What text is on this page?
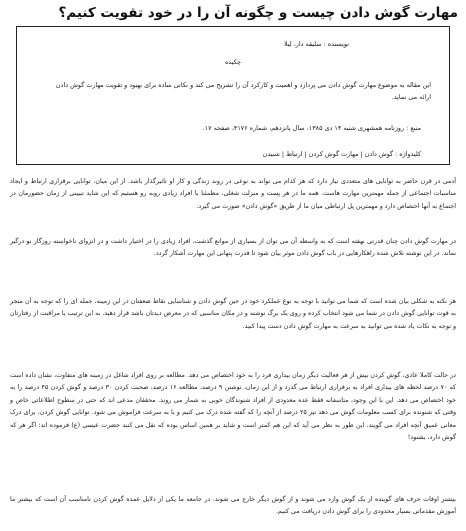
مهارت گوش دادن چیست و چگونه آن را در خود تقویت کنیم؟
نویسنده : سلیقه دار، لیلا
چکیده
این مقاله به موضوع مهارت گوش دادن می پردازد و اهمیت و کارکرد آن را تشریح می کند و نکاتی ساده برای بهبود و تقویت مهارت گوش دادن ارائه می نماید.
منبع : روزنامه همشهری شنبه ۱۴ دی ۱۳۸۵، سال پانزدهم، شماره ۴۱۷۶، صفحه ۱۷.
کلیدواژه : گوش دادن | مهارت گوش کردن | ارتباط | شنیدن
آدمی در قرن حاضر به توانایی های متعددی نیاز دارد که هر کدام می تواند به نوعی در روند زندگی و کار او تاثیرگذار باشد. از این میان، توانایی برقراری ارتباط و ایجاد مناسبات اجتماعی از جمله مهمترین مهارت هاست. همه ما در هر پست و منزلت شغلی، مطمئنا با افراد زیادی روبه رو هستیم که این شاید تبیینی از زمان حضورمان در اجتماع به آنها اختصاص دارد و مهمترین پل ارتباطی میان ما از طریق «گوش دادن» صورت می گیرد.
در مهارت گوش دادن چنان قدرتی نهفته است که به واسطه آن می توان از بسیاری از موانع گذشت، افراد زیادی را در اختیار داشت و در انزوای ناخواسته روزگار نو درگیر نماند. در این نوشته تلاش شده راهکارهایی در باب گوش دادن موثر بیان شود تا قدرت پنهانی این مهارت آشکار گردد.
هر نکته به شکلی بیان شده است که شما می توانید با توجه به نوع عملکرد خود در حین گوش دادن و شناسایی نقاط ضعفتان در این زمینه، جمله ای را که توجه به آن منجر به قوت توانایی گوش دادن در شما می شود انتخاب کرده و روی یک برگ نوشته و در مکان مناسبی که در معرض دیدتان باشد قرار دهید. به این ترتیب با مراقبت از رفتارتان و توجه به نکات یاد شده می توانید به سرعت به مهارت گوش دادن دست پیدا کنید.
در حالت کاملا عادی، گوش کردن بیش از هر فعالیت دیگر زمان بیداری فرد را به خود اختصاص می دهد. مطالعه بر روی افراد شاغل در زمینه های متفاوت، نشان داده است که ۷۰ درصد لحظه های بیداری افراد به برقراری ارتباط می گذرد و از این زمان، نوشتن ۹ درصد، مطالعه ۱۶ درصد، صحبت کردن ۳۰ درصد و گوش کردن ۴۵ درصد را به خود اختصاص می دهد. این با این وجود، متاسفانه فقط عده معدودی از افراد شنوندگان خوبی به شمار می روند. محققان مدعی اند که حتی در سطوح اطلاعاتی خاص و وقتی که شنونده برای کسب معلومات گوش می دهد نیز ۲۵ درصد از آنچه را که گفته شده درک می کنیم و با به سرعت فراموش می شود. توانایی گوش کردن، برای درک معانی عمیق آنچه افراد می گویند، این طور به نظر می آید که این هم کمتر است و شاید بر همین اساس بوده که نقل می کنند حضرت عیسی (ع) فرموده اند: اگر هر که گوش دارد، بشنود!
بیشتر اوقات حرف های گوینده از یک گوش وارد می شوند و از گوش دیگر خارج می شوند. در جامعه ما یکی از دلایل عمده گوش کردن نامناسب آن است که بیشتر ما آموزش مقدماتی بسیار محدودی را برای گوش دادن دریافت می کنیم.
